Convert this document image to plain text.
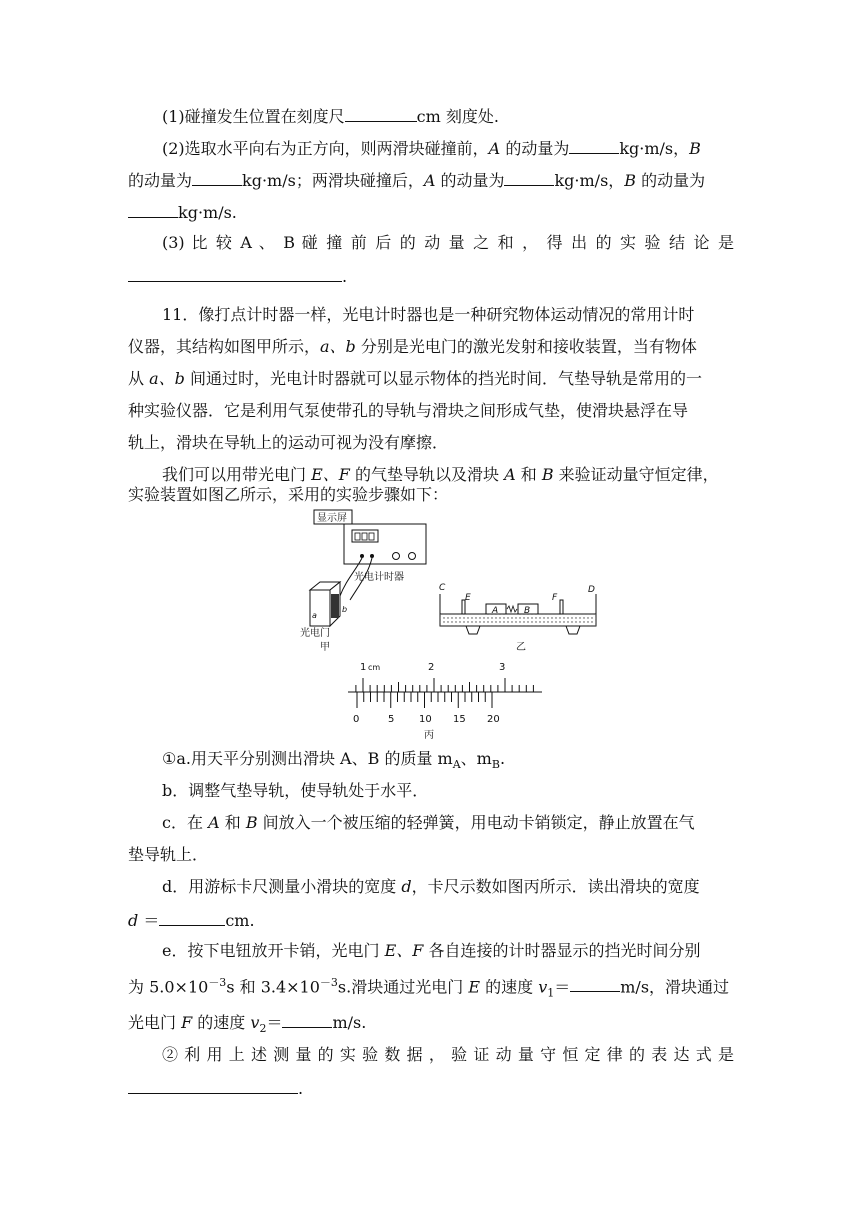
(1)碰撞发生位置在刻度尺	cm 刻度处.
(2)选取水平向右为正方向，则两滑块碰撞前，A 的动量为	kg·m/s，B
的动量为	kg·m/s；两滑块碰撞后，A 的动量为	kg·m/s，B 的动量为
kg·m/s.
(3) 比 较 A 、 B 碰 撞 前 后 的 动 量 之 和 ， 得 出 的 实 验 结 论 是
.
11．像打点计时器一样，光电计时器也是一种研究物体运动情况的常用计时
仪器，其结构如图甲所示，a、b 分别是光电门的激光发射和接收装置，当有物体
从 a、b 间通过时，光电计时器就可以显示物体的挡光时间．气垫导轨是常用的一
种实验仪器．它是利用气泵使带孔的导轨与滑块之间形成气垫，使滑块悬浮在导
轨上，滑块在导轨上的运动可视为没有摩擦．
我们可以用带光电门 E、F 的气垫导轨以及滑块 A 和 B 来验证动量守恒定律，
实验装置如图乙所示，采用的实验步骤如下：
显示屏
光电计时器
a
b
光电门
甲
C	D
E	F
A	B
乙
1 cm	2	3
0	5 10 15 20
丙
①a.用天平分别测出滑块 A、B 的质量 $m_A$、$m_B$.
b．调整气垫导轨，使导轨处于水平．
c．在 A 和 B 间放入一个被压缩的轻弹簧，用电动卡销锁定，静止放置在气
垫导轨上．
d．用游标卡尺测量小滑块的宽度 d，卡尺示数如图丙所示．读出滑块的宽度
d ＝	cm.
e．按下电钮放开卡销，光电门 E、F 各自连接的计时器显示的挡光时间分别
为 $5.0\times 10^{-3}s$ 和 $3.4\times 10^{-3}s$.滑块通过光电门 E 的速度 $v_1=$	m/s，滑块通过
光电门 F 的速度 $v_2=$	m/s.
② 利 用 上 述 测 量 的 实 验 数 据 ， 验 证 动 量 守 恒 定 律 的 表 达 式 是
.
